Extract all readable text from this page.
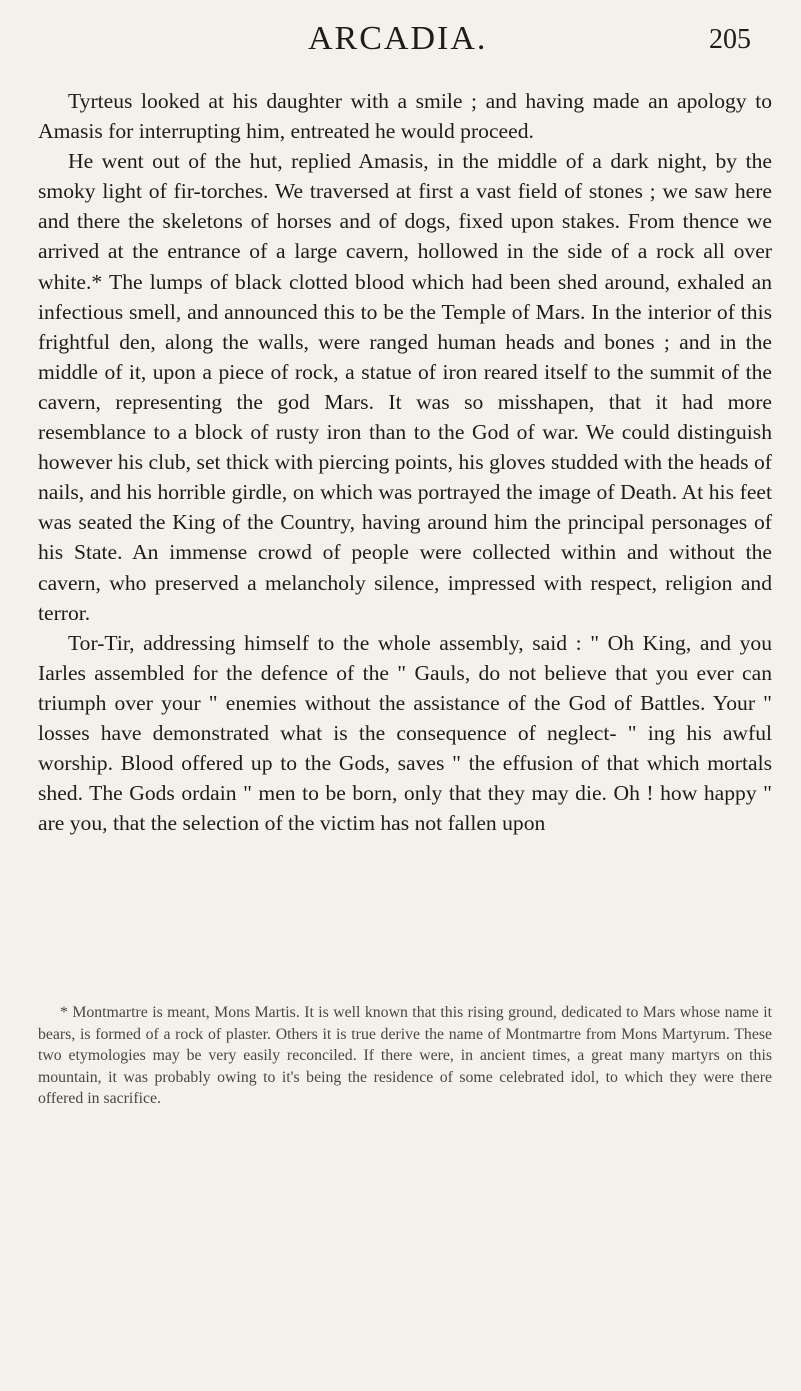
ARCADIA.	205

Tyrteus looked at his daughter with a smile ; and having made an apology to Amasis for interrupting him, entreated he would proceed.

He went out of the hut, replied Amasis, in the middle of a dark night, by the smoky light of fir-torches. We traversed at first a vast field of stones ; we saw here and there the skeletons of horses and of dogs, fixed upon stakes. From thence we arrived at the entrance of a large cavern, hollowed in the side of a rock all over white.* The lumps of black clotted blood which had been shed around, exhaled an infectious smell, and announced this to be the Temple of Mars. In the interior of this frightful den, along the walls, were ranged human heads and bones ; and in the middle of it, upon a piece of rock, a statue of iron reared itself to the summit of the cavern, representing the god Mars. It was so misshapen, that it had more resemblance to a block of rusty iron than to the God of war. We could distinguish however his club, set thick with piercing points, his gloves studded with the heads of nails, and his horrible girdle, on which was portrayed the image of Death. At his feet was seated the King of the Country, having around him the principal personages of his State. An immense crowd of people were collected within and without the cavern, who preserved a melancholy silence, impressed with respect, religion and terror.

Tor-Tir, addressing himself to the whole assembly, said : " Oh King, and you Iarles assembled for the defence of the " Gauls, do not believe that you ever can triumph over your " enemies without the assistance of the God of Battles. Your " losses have demonstrated what is the consequence of neglect- " ing his awful worship. Blood offered up to the Gods, saves " the effusion of that which mortals shed. The Gods ordain " men to be born, only that they may die. Oh ! how happy " are you, that the selection of the victim has not fallen upon

* Montmartre is meant, Mons Martis. It is well known that this rising ground, dedicated to Mars whose name it bears, is formed of a rock of plaster. Others it is true derive the name of Montmartre from Mons Martyrum. These two etymologies may be very easily reconciled. If there were, in ancient times, a great many martyrs on this mountain, it was probably owing to it's being the residence of some celebrated idol, to which they were there offered in sacrifice.
